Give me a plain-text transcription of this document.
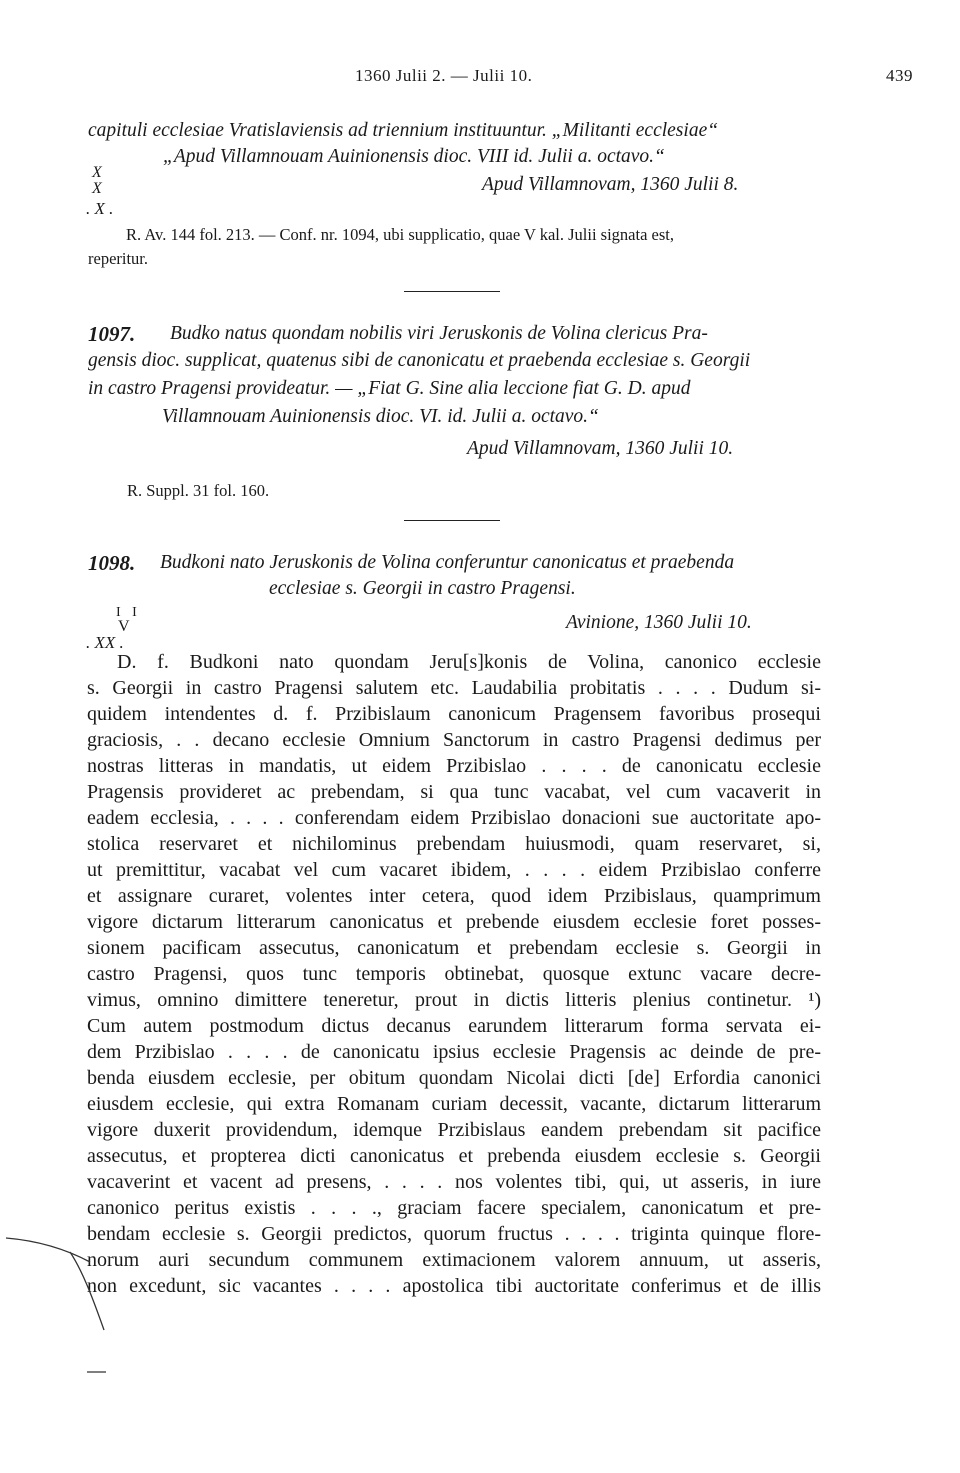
1360 Julii 2. — Julii 10.	439
capituli ecclesiae Vratislaviensis ad triennium instituuntur. „Militanti ecclesiae“
„Apud Villamnouam Auinionensis dioc. VIII id. Julii a. octavo.“
X
X
. X .
Apud Villamnovam, 1360 Julii 8.
R. Av. 144 fol. 213. — Conf. nr. 1094, ubi supplicatio, quae V kal. Julii signata est,
reperitur.
1097. Budko natus quondam nobilis viri Jeruskonis de Volina clericus Pra-
gensis dioc. supplicat, quatenus sibi de canonicatu et praebenda ecclesiae s. Georgii
in castro Pragensi provideatur. — „Fiat G. Sine alia leccione fiat G. D. apud
Villamnouam Auinionensis dioc. VI. id. Julii a. octavo.“
Apud Villamnovam, 1360 Julii 10.
R. Suppl. 31 fol. 160.
1098. Budkoni nato Jeruskonis de Volina conferuntur canonicatus et praebenda
ecclesiae s. Georgii in castro Pragensi.
I I
V
. XX .
Avinione, 1360 Julii 10.
D. f. Budkoni nato quondam Jeru[s]konis de Volina, canonico ecclesie
s. Georgii in castro Pragensi salutem etc. Laudabilia probitatis . . . . Dudum si-
quidem intendentes d. f. Przibislaum canonicum Pragensem favoribus prosequi
graciosis, . . decano ecclesie Omnium Sanctorum in castro Pragensi dedimus per
nostras litteras in mandatis, ut eidem Przibislao . . . . de canonicatu ecclesie
Pragensis provideret ac prebendam, si qua tunc vacabat, vel cum vacaverit in
eadem ecclesia, . . . . conferendam eidem Przibislao donacioni sue auctoritate apo-
stolica reservaret et nichilominus prebendam huiusmodi, quam reservaret, si,
ut premittitur, vacabat vel cum vacaret ibidem, . . . . eidem Przibislao conferre
et assignare curaret, volentes inter cetera, quod idem Przibislaus, quamprimum
vigore dictarum litterarum canonicatus et prebende eiusdem ecclesie foret posses-
sionem pacificam assecutus, canonicatum et prebendam ecclesie s. Georgii in
castro Pragensi, quos tunc temporis obtinebat, quosque extunc vacare decre-
vimus, omnino dimittere teneretur, prout in dictis litteris plenius continetur. ¹)
Cum autem postmodum dictus decanus earundem litterarum forma servata ei-
dem Przibislao . . . . de canonicatu ipsius ecclesie Pragensis ac deinde de pre-
benda eiusdem ecclesie, per obitum quondam Nicolai dicti [de] Erfordia canonici
eiusdem ecclesie, qui extra Romanam curiam decessit, vacante, dictarum litterarum
vigore duxerit providendum, idemque Przibislaus eandem prebendam sit pacifice
assecutus, et propterea dicti canonicatus et prebenda eiusdem ecclesie s. Georgii
vacaverint et vacent ad presens, . . . . nos volentes tibi, qui, ut asseris, in iure
canonico peritus existis . . . ., graciam facere specialem, canonicatum et pre-
bendam ecclesie s. Georgii predictos, quorum fructus . . . . triginta quinque flore-
norum auri secundum communem extimacionem valorem annuum, ut asseris,
non excedunt, sic vacantes . . . . apostolica tibi auctoritate conferimus et de illis
